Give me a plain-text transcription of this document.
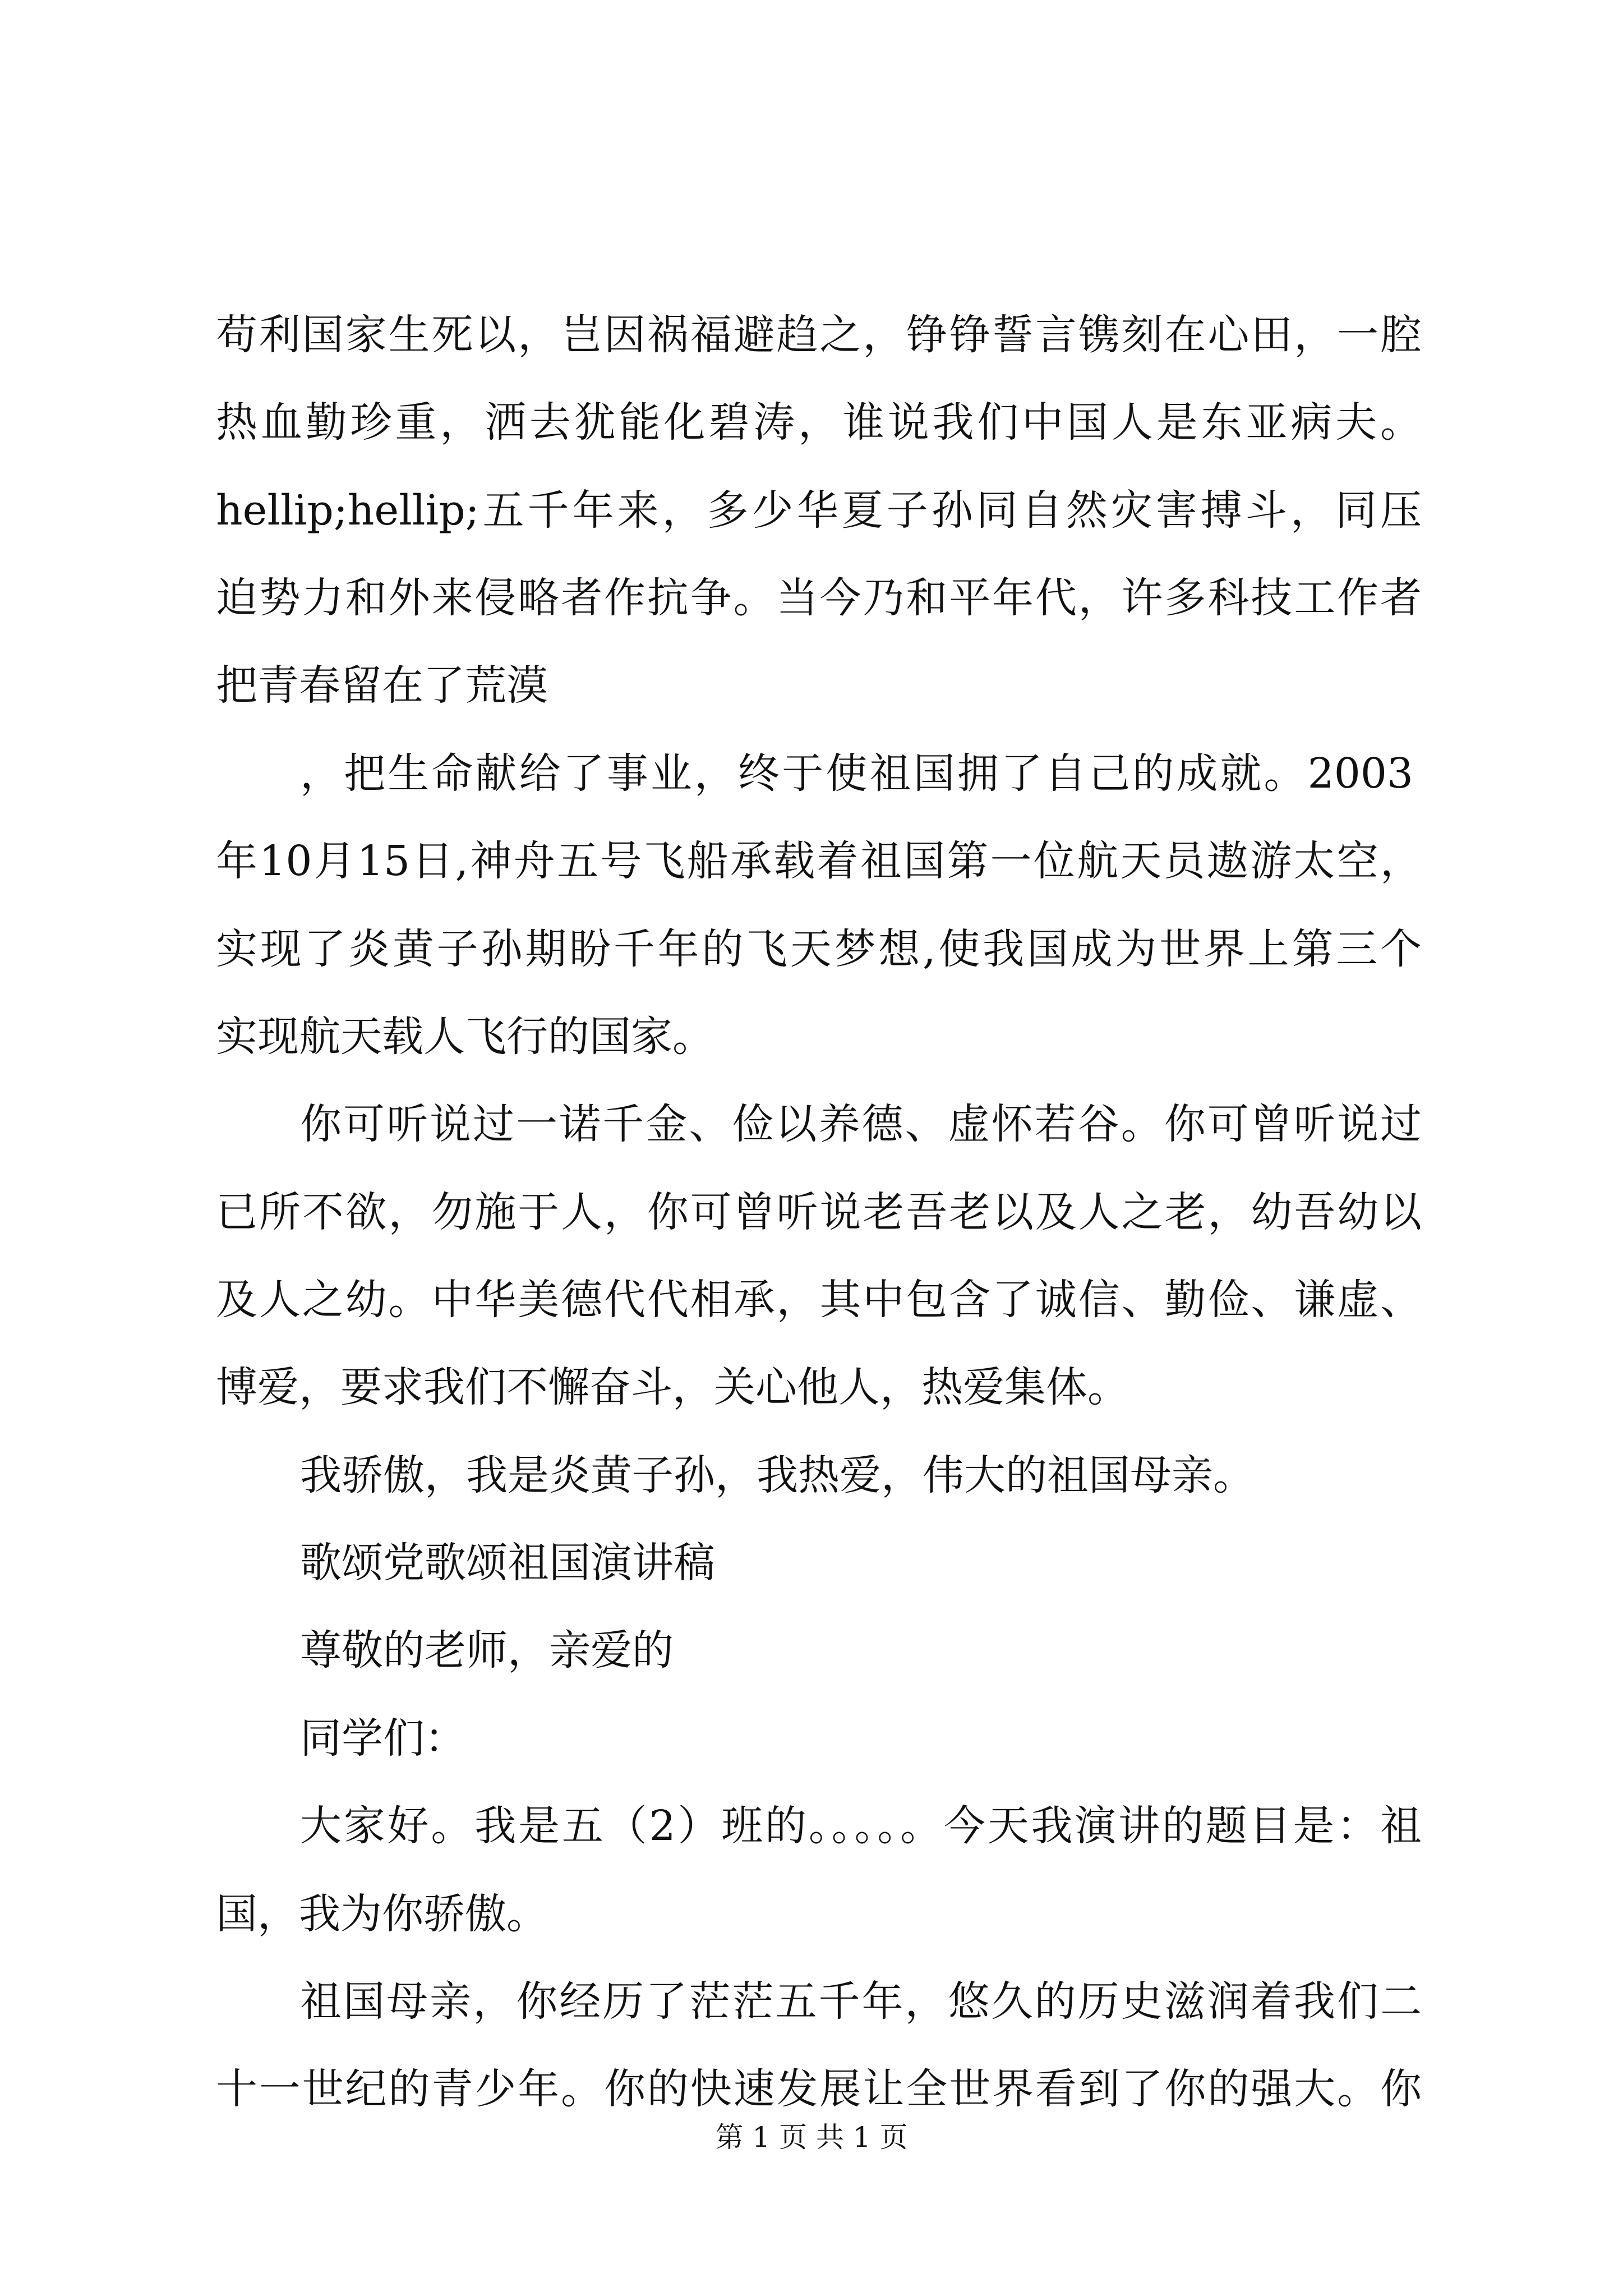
苟利国家生死以，岂因祸福避趋之，铮铮誓言镌刻在心田，一腔
热血勤珍重，洒去犹能化碧涛，谁说我们中国人是东亚病夫。
hellip;hellip;五千年来，多少华夏子孙同自然灾害搏斗，同压
迫势力和外来侵略者作抗争。当今乃和平年代，许多科技工作者
把青春留在了荒漠
，把生命献给了事业，终于使祖国拥了自己的成就。2003
年10月15日,神舟五号飞船承载着祖国第一位航天员遨游太空，
实现了炎黄子孙期盼千年的飞天梦想,使我国成为世界上第三个
实现航天载人飞行的国家。
你可听说过一诺千金、俭以养德、虚怀若谷。你可曾听说过
已所不欲，勿施于人，你可曾听说老吾老以及人之老，幼吾幼以
及人之幼。中华美德代代相承，其中包含了诚信、勤俭、谦虚、
博爱，要求我们不懈奋斗，关心他人，热爱集体。
我骄傲，我是炎黄子孙，我热爱，伟大的祖国母亲。
歌颂党歌颂祖国演讲稿
尊敬的老师，亲爱的
同学们：
大家好。我是五（2）班的。。。。。今天我演讲的题目是：祖
国，我为你骄傲。
祖国母亲，你经历了茫茫五千年，悠久的历史滋润着我们二
十一世纪的青少年。你的快速发展让全世界看到了你的强大。你
第 1 页 共 1 页
